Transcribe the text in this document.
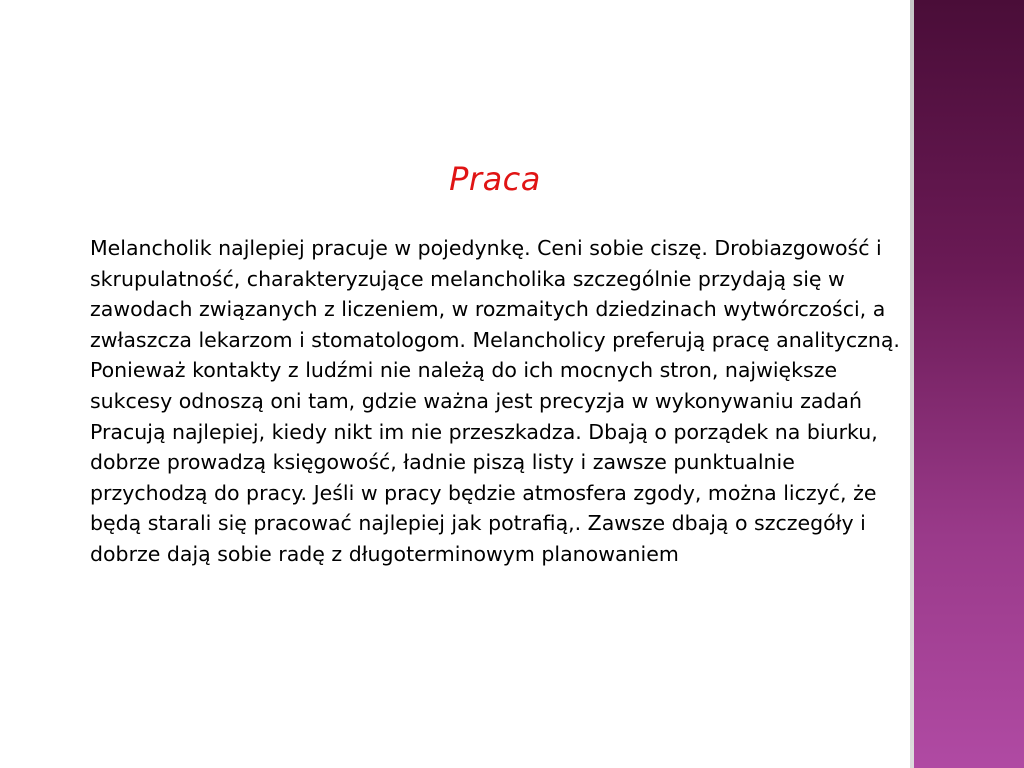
Praca

Melancholik najlepiej pracuje w pojedynkę. Ceni sobie ciszę. Drobiazgowość i skrupulatność, charakteryzujące melancholika szczególnie przydają się w zawodach związanych z liczeniem, w rozmaitych dziedzinach wytwórczości, a zwłaszcza lekarzom i stomatologom. Melancholicy preferują pracę analityczną. Ponieważ kontakty z ludźmi nie należą do ich mocnych stron, największe sukcesy odnoszą oni tam, gdzie ważna jest precyzja w wykonywaniu zadań Pracują najlepiej, kiedy nikt im nie przeszkadza. Dbają o porządek na biurku, dobrze prowadzą księgowość, ładnie piszą listy i zawsze punktualnie przychodzą do pracy. Jeśli w pracy będzie atmosfera zgody, można liczyć, że będą starali się pracować najlepiej jak potrafią,. Zawsze dbają o szczegóły i dobrze dają sobie radę z długoterminowym planowaniem
